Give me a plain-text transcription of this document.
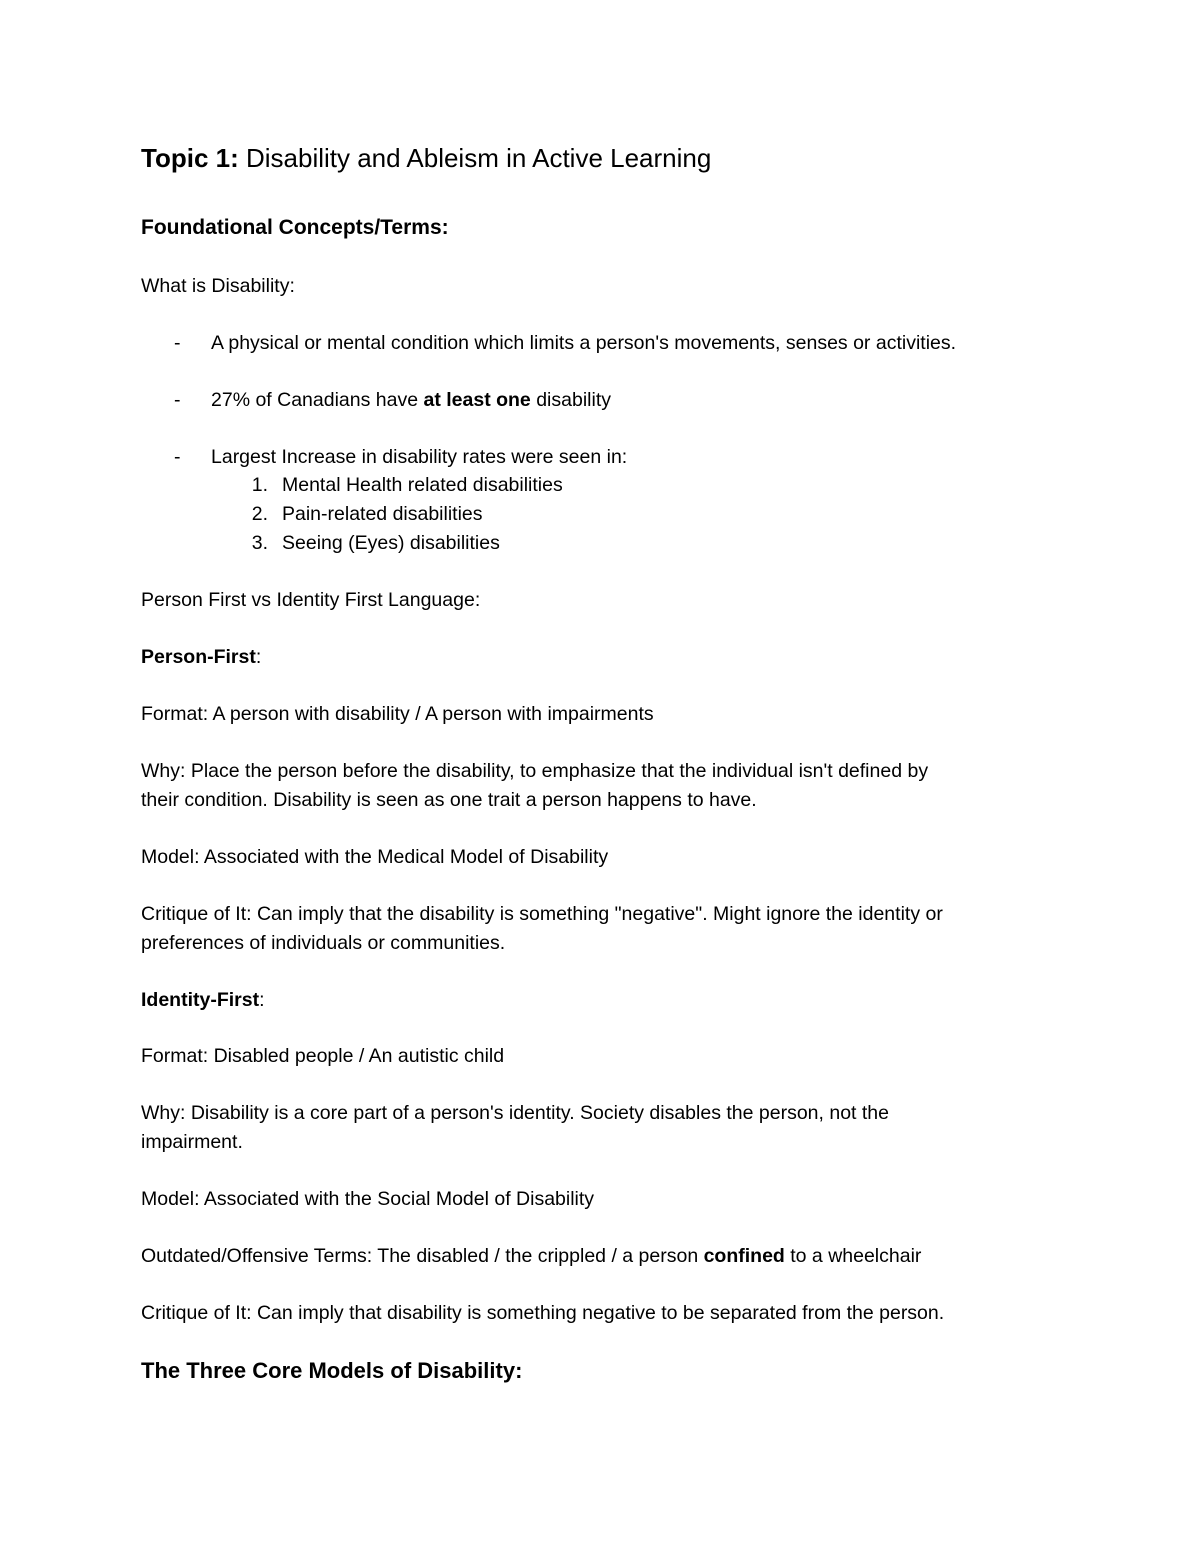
Topic 1: Disability and Ableism in Active Learning
Foundational Concepts/Terms:
What is Disability:
- A physical or mental condition which limits a person's movements, senses or activities.
- 27% of Canadians have at least one disability
- Largest Increase in disability rates were seen in:
1. Mental Health related disabilities
2. Pain-related disabilities
3. Seeing (Eyes) disabilities
Person First vs Identity First Language:
Person-First:
Format: A person with disability / A person with impairments
Why: Place the person before the disability, to emphasize that the individual isn't defined by
their condition. Disability is seen as one trait a person happens to have.
Model: Associated with the Medical Model of Disability
Critique of It: Can imply that the disability is something "negative". Might ignore the identity or
preferences of individuals or communities.
Identity-First:
Format: Disabled people / An autistic child
Why: Disability is a core part of a person's identity. Society disables the person, not the
impairment.
Model: Associated with the Social Model of Disability
Outdated/Offensive Terms: The disabled / the crippled / a person confined to a wheelchair
Critique of It: Can imply that disability is something negative to be separated from the person.
The Three Core Models of Disability:
